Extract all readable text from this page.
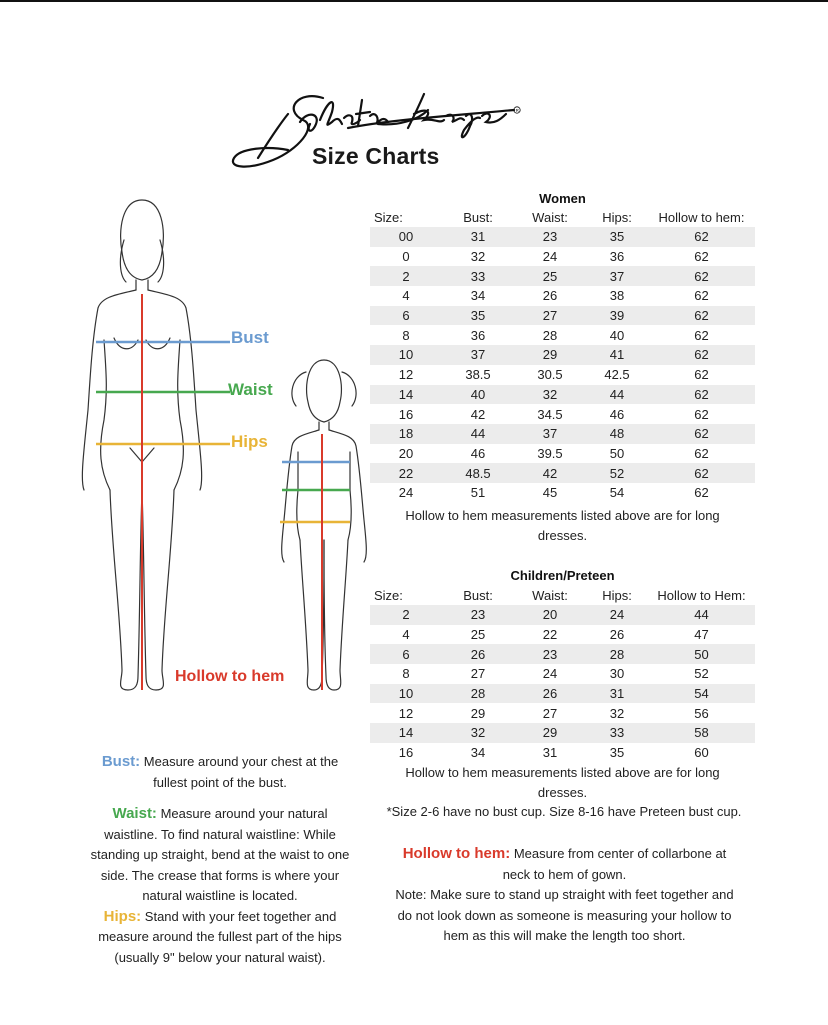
R
Size Charts
Bust
Waist
Hips
Hollow to hem
Women
Size:	Bust:	Waist:	Hips:	Hollow to hem:
00	31	23	35	62
0	32	24	36	62
2	33	25	37	62
4	34	26	38	62
6	35	27	39	62
8	36	28	40	62
10	37	29	41	62
12	38.5	30.5	42.5	62
14	40	32	44	62
16	42	34.5	46	62
18	44	37	48	62
20	46	39.5	50	62
22	48.5	42	52	62
24	51	45	54	62
Hollow to hem measurements listed above are for long
dresses.
Children/Preteen
Size:	Bust:	Waist:	Hips:	Hollow to Hem:
2	23	20	24	44
4	25	22	26	47
6	26	23	28	50
8	27	24	30	52
10	28	26	31	54
12	29	27	32	56
14	32	29	33	58
16	34	31	35	60
Hollow to hem measurements listed above are for long
dresses.
*Size 2-6 have no bust cup. Size 8-16 have Preteen bust cup.
Bust: Measure around your chest at the
fullest point of the bust.
Waist: Measure around your natural
waistline. To find natural waistline: While
standing up straight, bend at the waist to one
side. The crease that forms is where your
natural waistline is located.
Hips: Stand with your feet together and
measure around the fullest part of the hips
(usually 9" below your natural waist).
Hollow to hem: Measure from center of collarbone at
neck to hem of gown.
Note: Make sure to stand up straight with feet together and
do not look down as someone is measuring your hollow to
hem as this will make the length too short.
